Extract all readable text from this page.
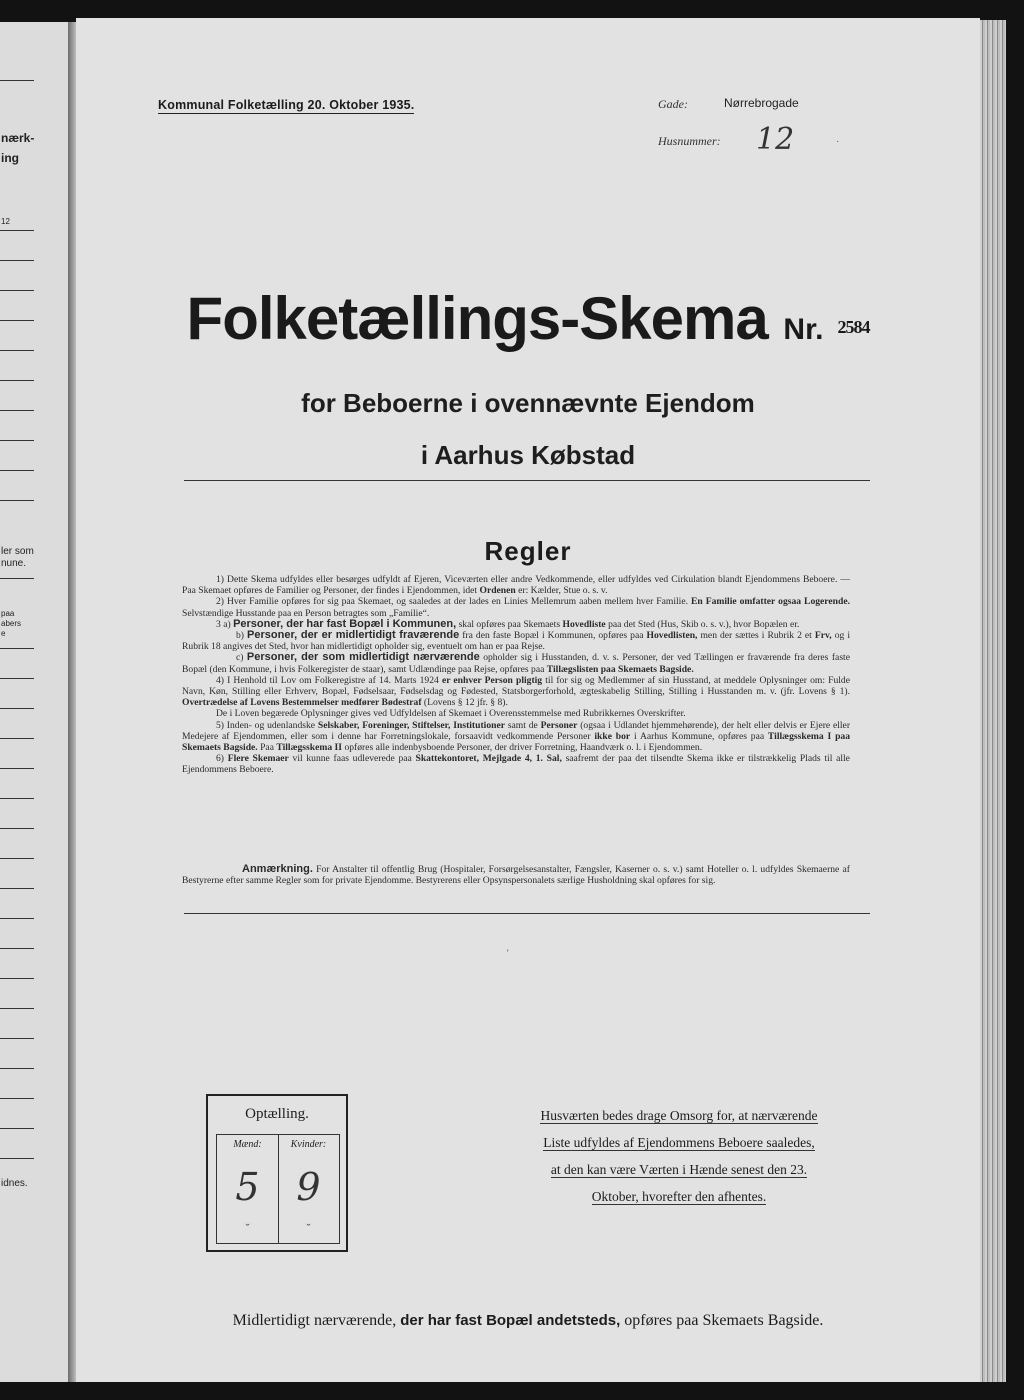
nærk-
ing
12
ler som
nune.
paa
abers
e
idnes.
Kommunal Folketælling 20. Oktober 1935.	Gade:	Nørrebrogade
Husnummer: 12	˙
Folketællings-Skema Nr. 2584
for Beboerne i ovennævnte Ejendom
i Aarhus Købstad
Regler

1) Dette Skema udfyldes eller besørges udfyldt af Ejeren, Viceværten eller andre Vedkommende, eller udfyldes ved Cirkulation blandt Ejendommens Beboere. — Paa Skemaet opføres de Familier og Personer, der findes i Ejendommen, idet Ordenen er: Kælder, Stue o. s. v.

2) Hver Familie opføres for sig paa Skemaet, og saaledes at der lades en Linies Mellemrum aaben mellem hver Familie. En Familie omfatter ogsaa Logerende. Selvstændige Husstande paa en Person betragtes som „Familie“.

3 a) Personer, der har fast Bopæl i Kommunen, skal opføres paa Skemaets Hovedliste paa det Sted (Hus, Skib o. s. v.), hvor Bopælen er.

b) Personer, der er midlertidigt fraværende fra den faste Bopæl i Kommunen, opføres paa Hovedlisten, men der sættes i Rubrik 2 et Frv, og i Rubrik 18 angives det Sted, hvor han midlertidigt opholder sig, eventuelt om han er paa Rejse.

c) Personer, der som midlertidigt nærværende opholder sig i Husstanden, d. v. s. Personer, der ved Tællingen er fraværende fra deres faste Bopæl (den Kommune, i hvis Folkeregister de staar), samt Udlændinge paa Rejse, opføres paa Tillægslisten paa Skemaets Bagside.

4) I Henhold til Lov om Folkeregistre af 14. Marts 1924 er enhver Person pligtig til for sig og Medlemmer af sin Husstand, at meddele Oplysninger om: Fulde Navn, Køn, Stilling eller Erhverv, Bopæl, Fødselsaar, Fødselsdag og Fødested, Statsborgerforhold, ægteskabelig Stilling, Stilling i Husstanden m. v. (jfr. Lovens § 1). Overtrædelse af Lovens Bestemmelser medfører Bødestraf (Lovens § 12 jfr. § 8).

De i Loven begærede Oplysninger gives ved Udfyldelsen af Skemaet i Overensstemmelse med Rubrikkernes Overskrifter.

5) Inden- og udenlandske Selskaber, Foreninger, Stiftelser, Institutioner samt de Personer (ogsaa i Udlandet hjemmehørende), der helt eller delvis er Ejere eller Medejere af Ejendommen, eller som i denne har Forretningslokale, forsaavidt vedkommende Personer ikke bor i Aarhus Kommune, opføres paa Tillægsskema I paa Skemaets Bagside. Paa Tillægsskema II opføres alle indenbysboende Personer, der driver Forretning, Haandværk o. l. i Ejendommen.

6) Flere Skemaer vil kunne faas udleverede paa Skattekontoret, Mejlgade 4, 1. Sal, saafremt der paa det tilsendte Skema ikke er tilstrækkelig Plads til alle Ejendommens Beboere.

Anmærkning. For Anstalter til offentlig Brug (Hospitaler, Forsørgelsesanstalter, Fængsler, Kaserner o. s. v.) samt Hoteller o. l. udfyldes Skemaerne af Bestyrerne efter samme Regler som for private Ejendomme. Bestyrerens eller Opsynspersonalets særlige Husholdning skal opføres for sig.

‘
Optælling.
Mænd:
5
ˇ
Kvinder:
9
ˇ
Husværten bedes drage Omsorg for, at nærværende
Liste udfyldes af Ejendommens Beboere saaledes,
at den kan være Værten i Hænde senest den 23.
Oktober, hvorefter den afhentes.
Midlertidigt nærværende, der har fast Bopæl andetsteds, opføres paa Skemaets Bagside.
